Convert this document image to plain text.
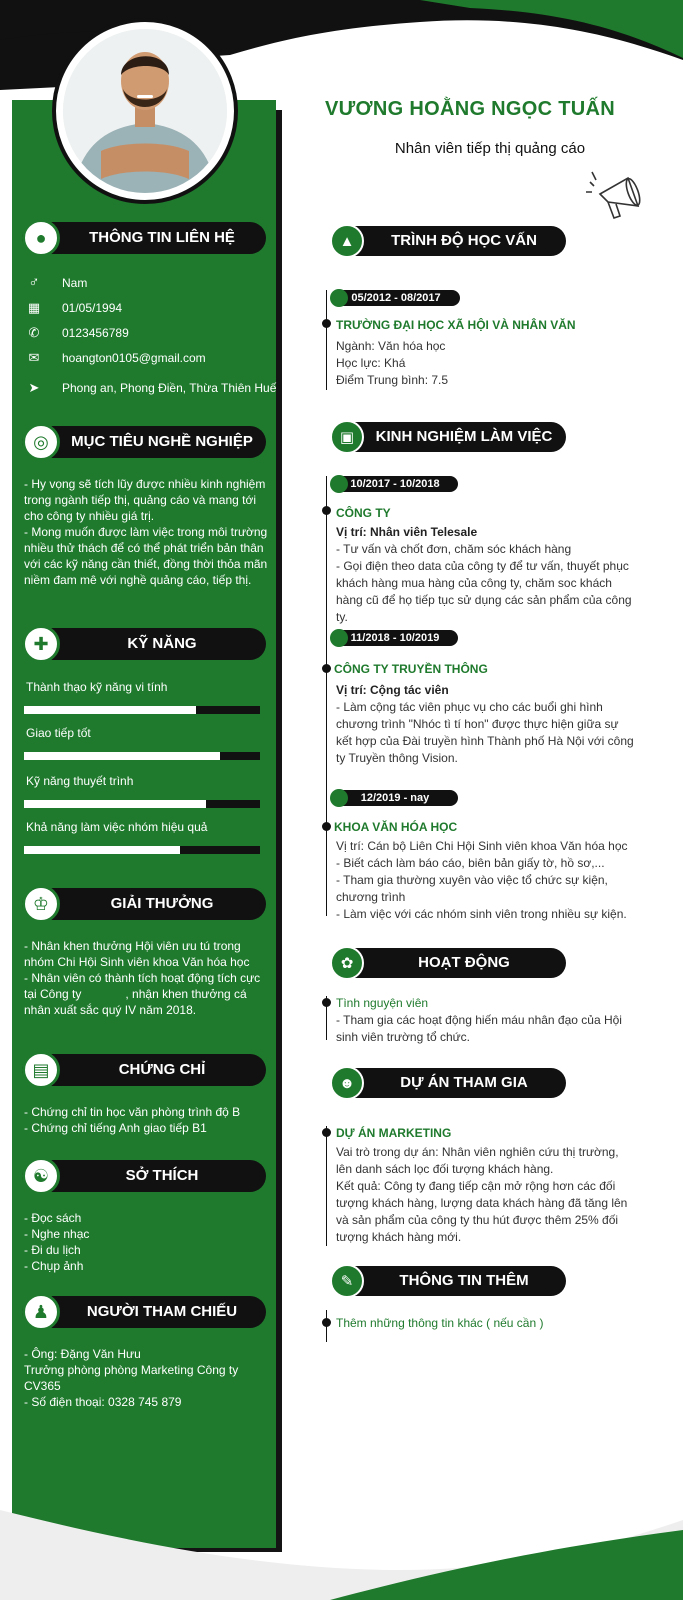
●	THÔNG TIN LIÊN HỆ
♂	Nam
▦	01/05/1994
✆	0123456789
✉	hoangton0105@gmail.com
➤	Phong an, Phong Điền, Thừa Thiên Huế
◎ MỤC TIÊU NGHỀ NGHIỆP

- Hy vọng sẽ tích lũy được nhiều kinh nghiệm trong ngành tiếp thị, quảng cáo và mang tới cho công ty nhiều giá trị.

- Mong muốn được làm việc trong môi trường nhiều thử thách để có thể phát triển bản thân với các kỹ năng cần thiết, đồng thời thỏa mãn niềm đam mê với nghề quảng cáo, tiếp thị.

✚	KỸ NĂNG
Thành thạo kỹ năng vi tính
Giao tiếp tốt
Kỹ năng thuyết trình
Khả năng làm việc nhóm hiệu quả
♔	GIẢI THƯỞNG

- Nhân khen thưởng Hội viên ưu tú trong nhóm Chi Hội Sinh viên khoa Văn hóa học

- Nhân viên có thành tích hoạt động tích cực tại Công ty	, nhận khen thưởng cá nhân xuất sắc quý IV năm 2018.

▤	CHỨNG CHỈ

- Chứng chỉ tin học văn phòng trình độ B

- Chứng chỉ tiếng Anh giao tiếp B1

☯	SỞ THÍCH

- Đọc sách

- Nghe nhạc

- Đi du lịch

- Chụp ảnh

♟	NGƯỜI THAM CHIẾU

- Ông: Đặng Văn Hưu

Trưởng phòng phòng Marketing Công ty CV365

- Số điện thoại: 0328 745 879

VƯƠNG HOẰNG NGỌC TUẤN
Nhân viên tiếp thị quảng cáo
▲	TRÌNH ĐỘ HỌC VẤN
05/2012 - 08/2017
TRƯỜNG ĐẠI HỌC XÃ HỘI VÀ NHÂN VĂN

Ngành: Văn hóa học

Học lực: Khá

Điểm Trung bình: 7.5

▣	KINH NGHIỆM LÀM VIỆC
10/2017 - 10/2018
CÔNG TY

Vị trí: Nhân viên Telesale

- Tư vấn và chốt đơn, chăm sóc khách hàng

- Gọi điện theo data của công ty để tư vấn, thuyết phục khách hàng mua hàng của công ty, chăm soc khách hàng cũ để họ tiếp tục sử dụng các sản phẩm của công ty.

11/2018 - 10/2019
CÔNG TY TRUYỀN THÔNG

Vị trí: Cộng tác viên

- Làm cộng tác viên phục vụ cho các buổi ghi hình chương trình "Nhóc tì tí hon" được thực hiện giữa sự kết hợp của Đài truyền hình Thành phố Hà Nội với công ty Truyền thông Vision.

12/2019 - nay
KHOA VĂN HÓA HỌC

Vị trí: Cán bộ Liên Chi Hội Sinh viên khoa Văn hóa học

- Biết cách làm báo cáo, biên bản giấy tờ, hồ sơ,...

- Tham gia thường xuyên vào việc tổ chức sự kiện, chương trình

- Làm việc với các nhóm sinh viên trong nhiều sự kiện.

✿	HOẠT ĐỘNG
Tình nguyện viên

- Tham gia các hoạt động hiến máu nhân đạo của Hội sinh viên trường tổ chức.

☻	DỰ ÁN THAM GIA
DỰ ÁN MARKETING

Vai trò trong dự án: Nhân viên nghiên cứu thị trường, lên danh sách lọc đối tượng khách hàng.

Kết quả: Công ty đang tiếp cận mở rộng hơn các đối tượng khách hàng, lượng data khách hàng đã tăng lên và sản phẩm của công ty thu hút được thêm 25% đối tượng khách hàng mới.

✎	THÔNG TIN THÊM
Thêm những thông tin khác ( nếu cần )
